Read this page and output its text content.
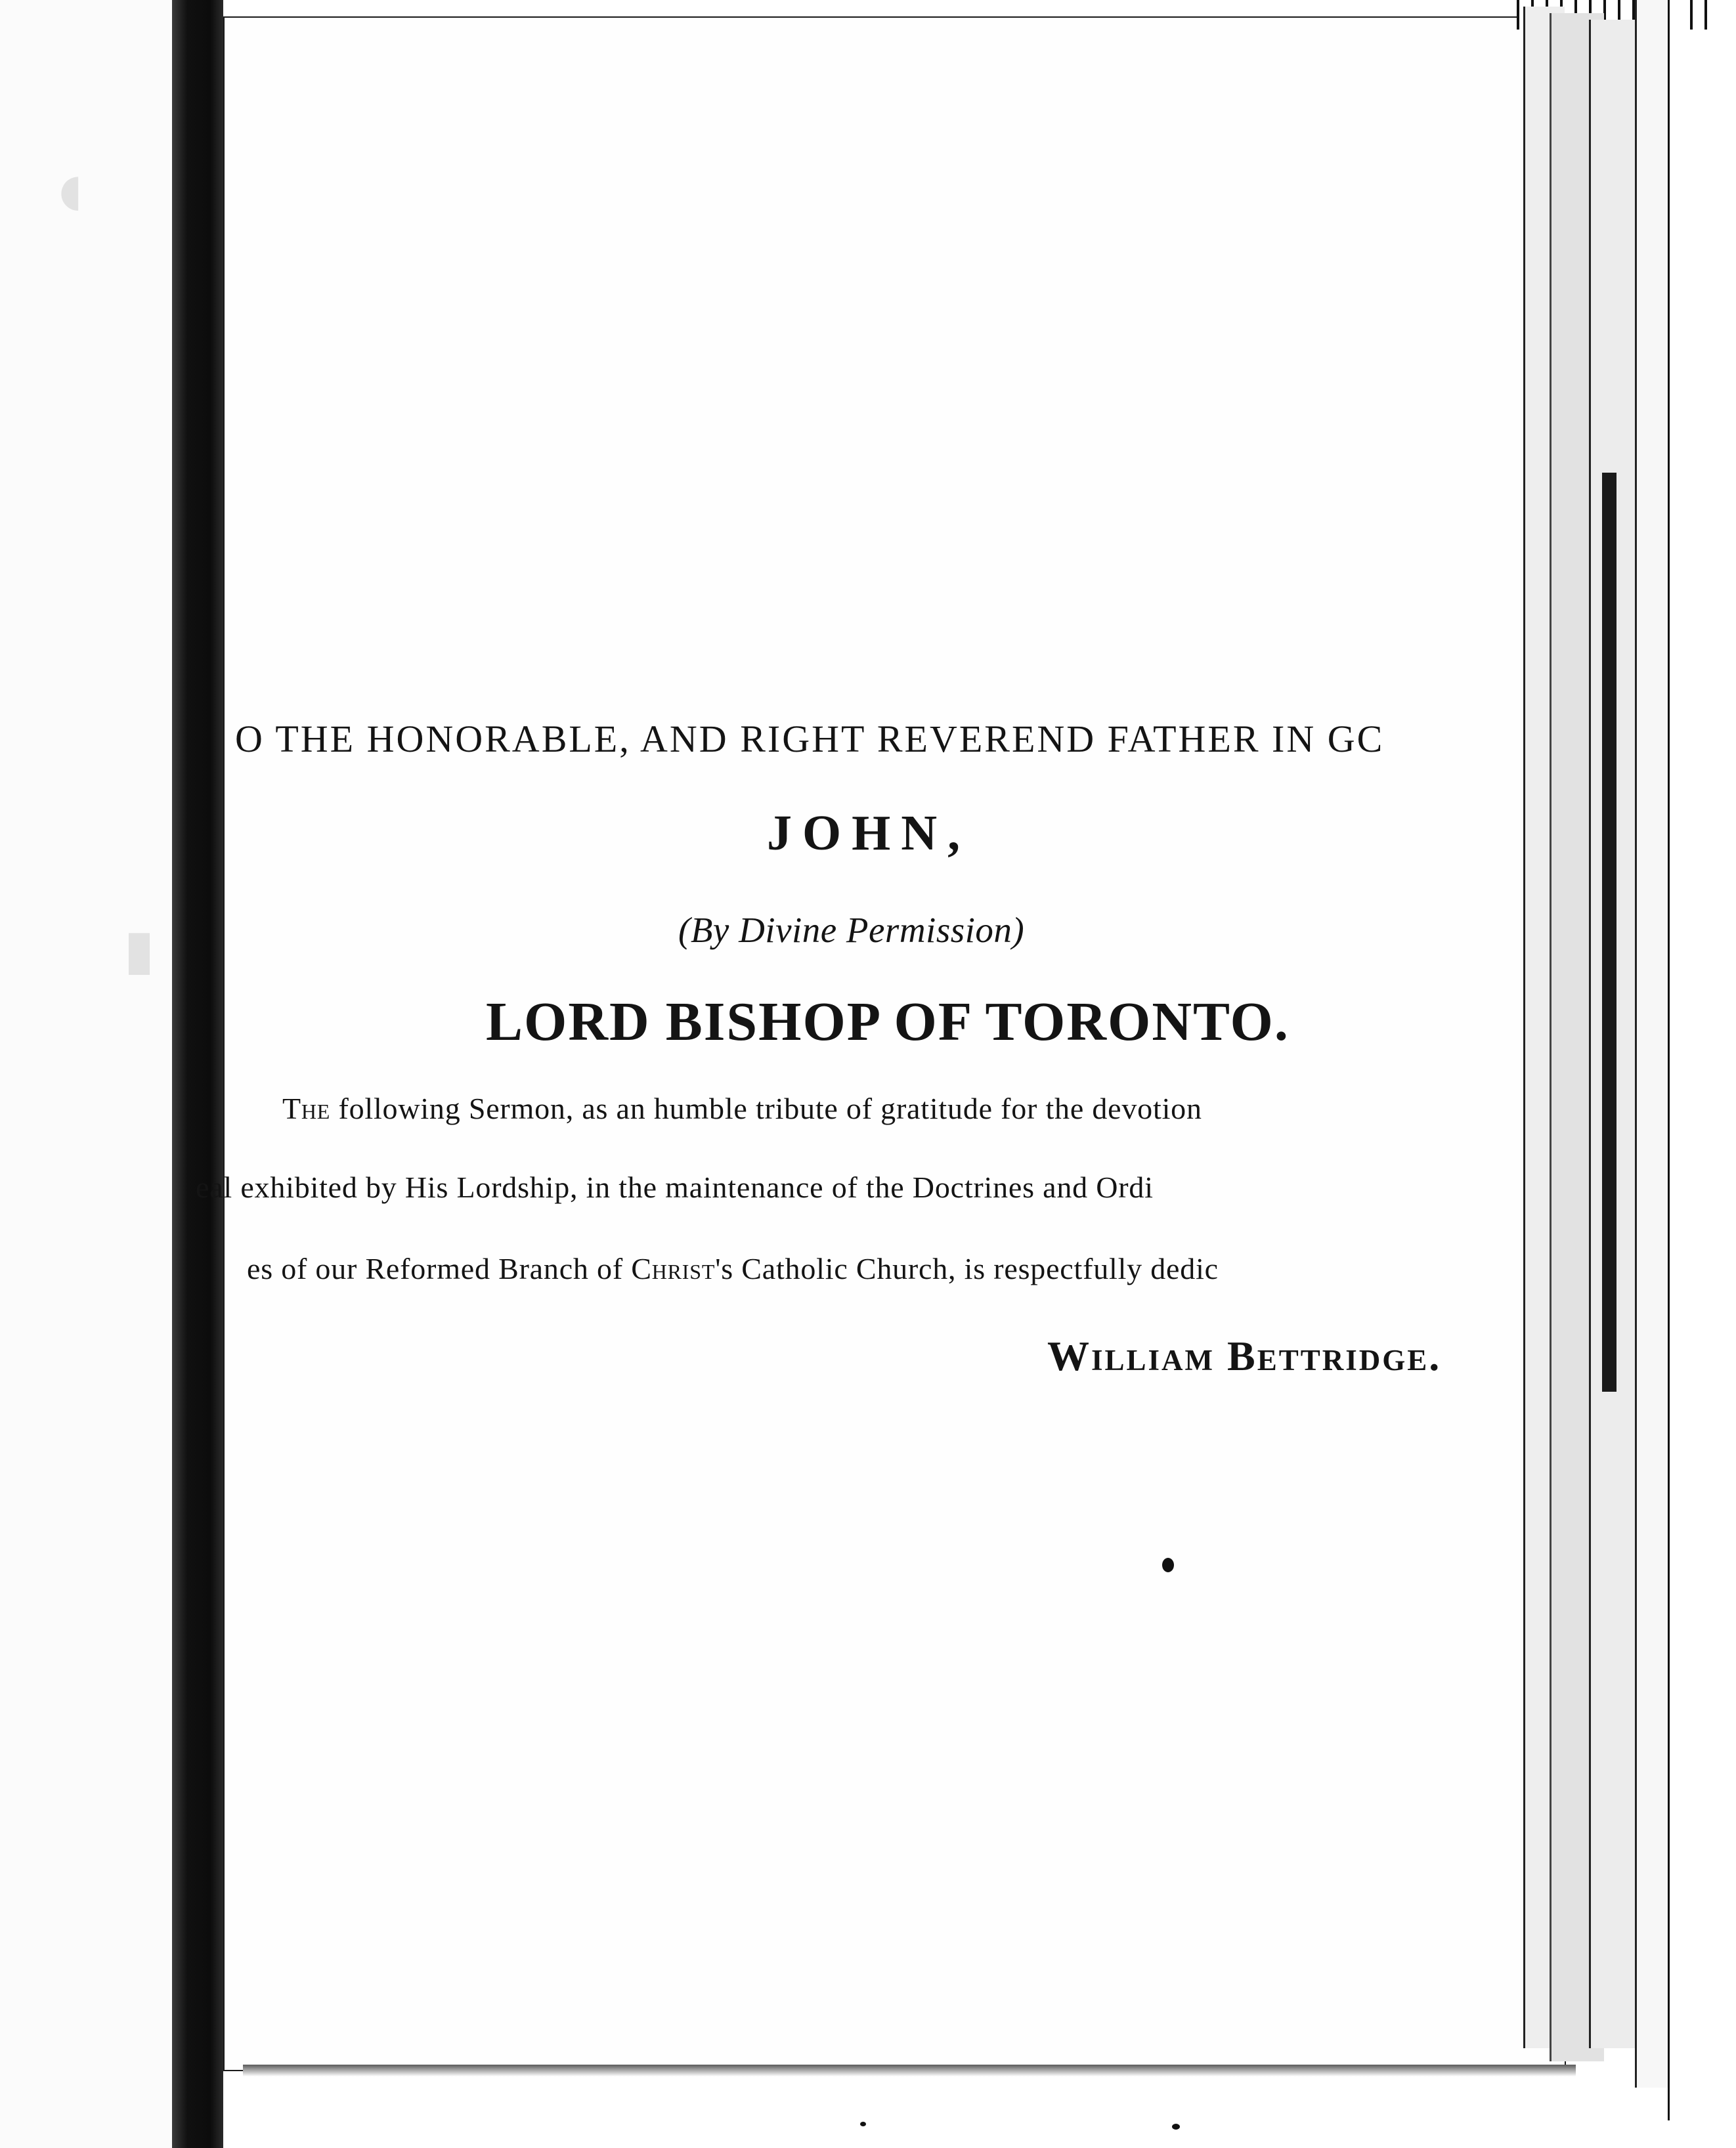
◖
▮
O THE HONORABLE, AND RIGHT REVEREND FATHER IN GC
JOHN,
(By Divine Permission)
LORD BISHOP OF TORONTO.
The following Sermon, as an humble tribute of gratitude for the devotion
eal exhibited by His Lordship, in the maintenance of the Doctrines and Ordi
es of our Reformed Branch of Christ's Catholic Church, is respectfully dedic
William Bettridge.
